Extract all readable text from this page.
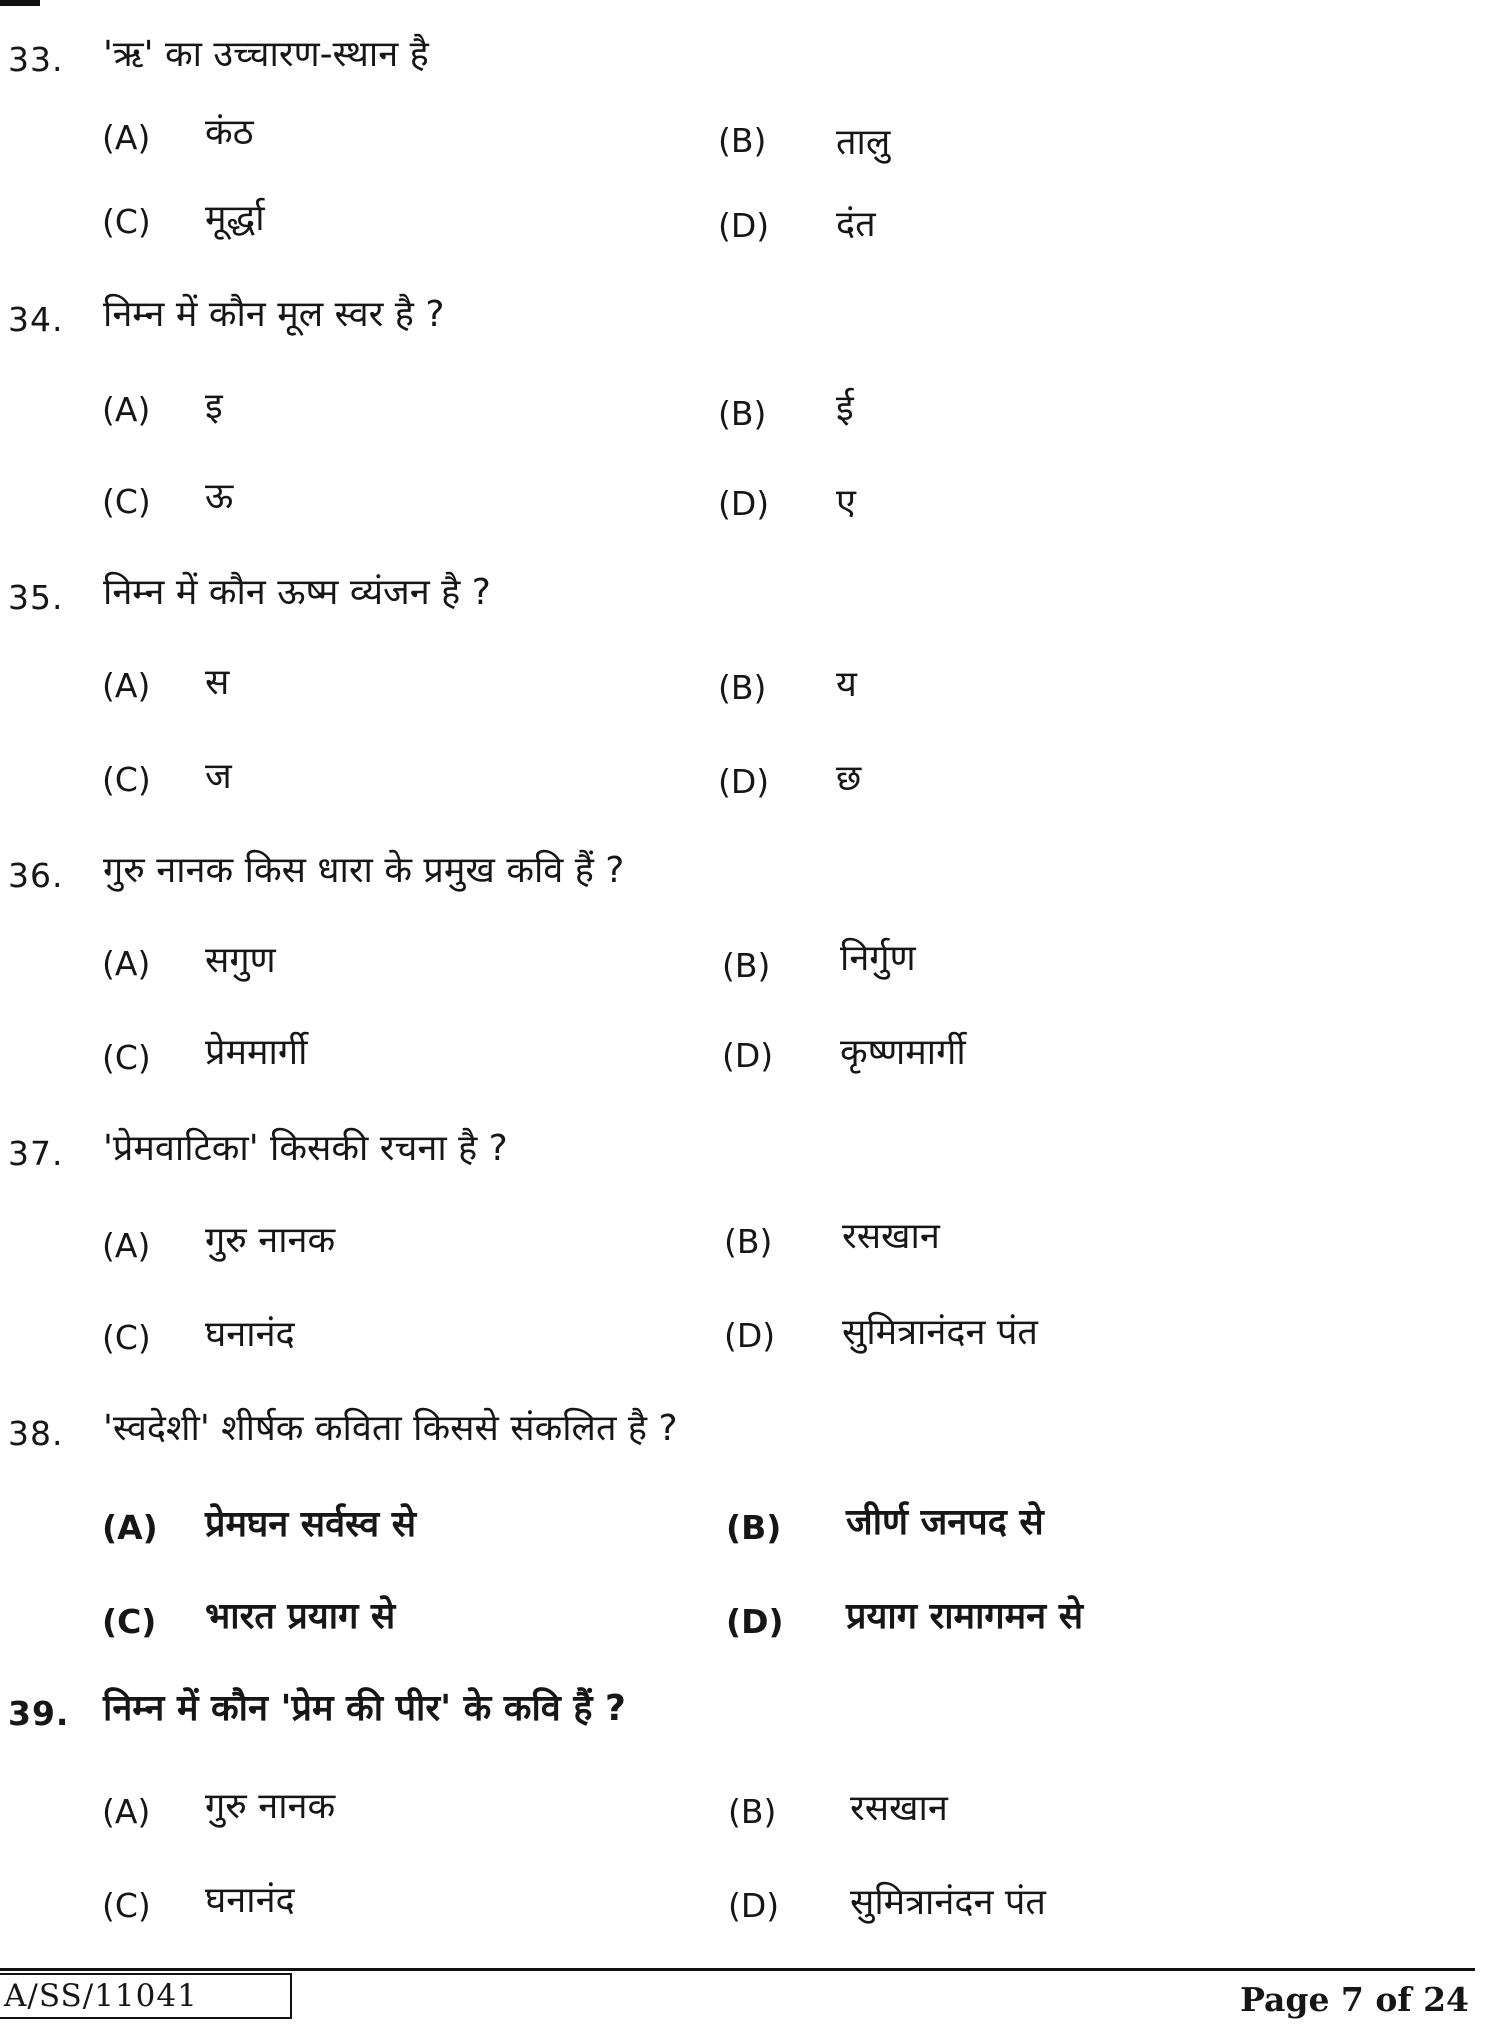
33. 'ऋ' का उच्चारण-स्थान है
(A) कंठ	(B) तालु
(C) मूर्द्धा	(D) दंत
34. निम्न में कौन मूल स्वर है ?
(A) इ	(B) ई
(C) ऊ	(D) ए
35. निम्न में कौन ऊष्म व्यंजन है ?
(A) स	(B) य
(C) ज	(D) छ
36. गुरु नानक किस धारा के प्रमुख कवि हैं ?
(A) सगुण	(B) निर्गुण
(C) प्रेममार्गी	(D) कृष्णमार्गी
37. 'प्रेमवाटिका' किसकी रचना है ?
(A) गुरु नानक	(B) रसखान
(C) घनानंद	(D) सुमित्रानंदन पंत
38. 'स्वदेशी' शीर्षक कविता किससे संकलित है ?
(A) प्रेमघन सर्वस्व से	(B) जीर्ण जनपद से
(C) भारत प्रयाग से	(D) प्रयाग रामागमन से
39. निम्न में कौन 'प्रेम की पीर' के कवि हैं ?
(A) गुरु नानक	(B) रसखान
(C) घनानंद	(D) सुमित्रानंदन पंत
A/SS/11041	Page 7 of 24
